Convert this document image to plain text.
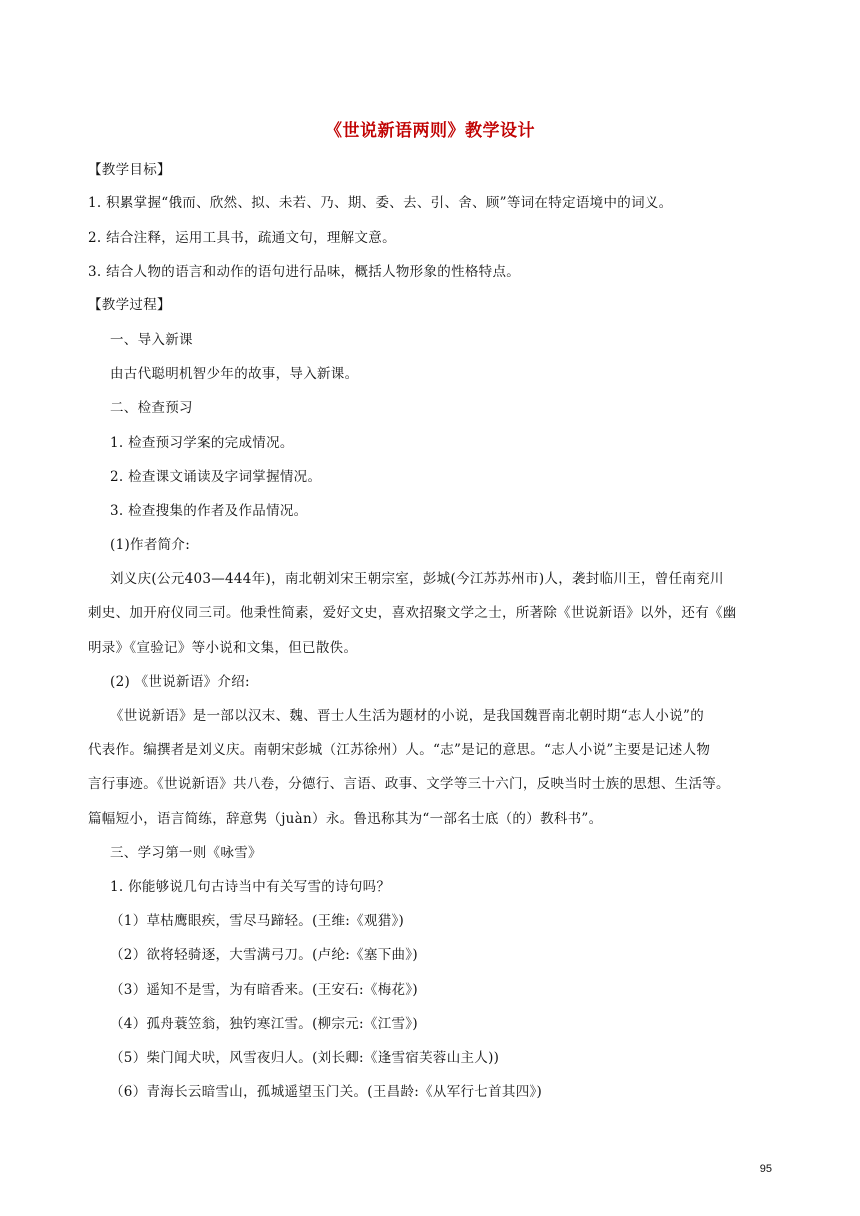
《世说新语两则》教学设计
【教学目标】
1. 积累掌握“俄而、欣然、拟、未若、乃、期、委、去、引、舍、顾”等词在特定语境中的词义。
2. 结合注释，运用工具书，疏通文句，理解文意。
3. 结合人物的语言和动作的语句进行品味，概括人物形象的性格特点。
【教学过程】
一、导入新课
由古代聪明机智少年的故事，导入新课。
二、检查预习
1. 检查预习学案的完成情况。
2. 检查课文诵读及字词掌握情况。
3. 检查搜集的作者及作品情况。
(1)作者简介:
刘义庆(公元403—444年)，南北朝刘宋王朝宗室，彭城(今江苏苏州市)人，袭封临川王，曾任南兖川
刺史、加开府仪同三司。他秉性简素，爱好文史，喜欢招聚文学之士，所著除《世说新语》以外，还有《幽
明录》《宣验记》等小说和文集，但已散佚。
(2) 《世说新语》介绍:
《世说新语》是一部以汉末、魏、晋士人生活为题材的小说，是我国魏晋南北朝时期“志人小说”的
代表作。编撰者是刘义庆。南朝宋彭城（江苏徐州）人。“志”是记的意思。“志人小说”主要是记述人物
言行事迹。《世说新语》共八卷，分德行、言语、政事、文学等三十六门，反映当时士族的思想、生活等。
篇幅短小，语言简练，辞意隽（juàn）永。鲁迅称其为“一部名士底（的）教科书”。
三、学习第一则《咏雪》
1. 你能够说几句古诗当中有关写雪的诗句吗？
（1）草枯鹰眼疾，雪尽马蹄轻。(王维:《观猎》)
（2）欲将轻骑逐，大雪满弓刀。(卢纶:《塞下曲》)
（3）遥知不是雪，为有暗香来。(王安石:《梅花》)
（4）孤舟蓑笠翁，独钓寒江雪。(柳宗元:《江雪》)
（5）柴门闻犬吠，风雪夜归人。(刘长卿:《逢雪宿芙蓉山主人))
（6）青海长云暗雪山，孤城遥望玉门关。(王昌龄:《从军行七首其四》)
95
